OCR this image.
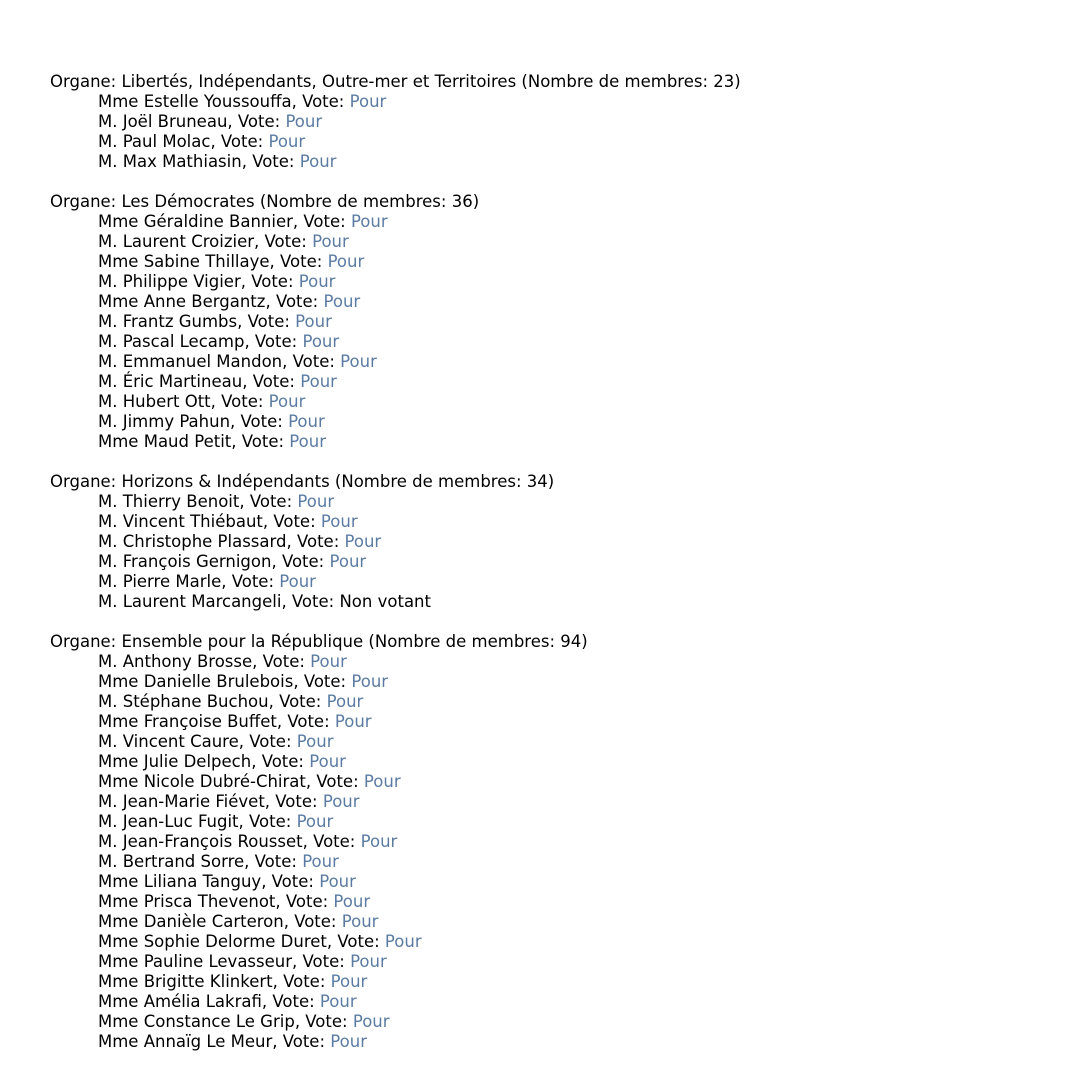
Organe: Libertés, Indépendants, Outre-mer et Territoires (Nombre de membres: 23)
Mme Estelle Youssouffa, Vote: Pour
M. Joël Bruneau, Vote: Pour
M. Paul Molac, Vote: Pour
M. Max Mathiasin, Vote: Pour
Organe: Les Démocrates (Nombre de membres: 36)
Mme Géraldine Bannier, Vote: Pour
M. Laurent Croizier, Vote: Pour
Mme Sabine Thillaye, Vote: Pour
M. Philippe Vigier, Vote: Pour
Mme Anne Bergantz, Vote: Pour
M. Frantz Gumbs, Vote: Pour
M. Pascal Lecamp, Vote: Pour
M. Emmanuel Mandon, Vote: Pour
M. Éric Martineau, Vote: Pour
M. Hubert Ott, Vote: Pour
M. Jimmy Pahun, Vote: Pour
Mme Maud Petit, Vote: Pour
Organe: Horizons & Indépendants (Nombre de membres: 34)
M. Thierry Benoit, Vote: Pour
M. Vincent Thiébaut, Vote: Pour
M. Christophe Plassard, Vote: Pour
M. François Gernigon, Vote: Pour
M. Pierre Marle, Vote: Pour
M. Laurent Marcangeli, Vote: Non votant
Organe: Ensemble pour la République (Nombre de membres: 94)
M. Anthony Brosse, Vote: Pour
Mme Danielle Brulebois, Vote: Pour
M. Stéphane Buchou, Vote: Pour
Mme Françoise Buffet, Vote: Pour
M. Vincent Caure, Vote: Pour
Mme Julie Delpech, Vote: Pour
Mme Nicole Dubré-Chirat, Vote: Pour
M. Jean-Marie Fiévet, Vote: Pour
M. Jean-Luc Fugit, Vote: Pour
M. Jean-François Rousset, Vote: Pour
M. Bertrand Sorre, Vote: Pour
Mme Liliana Tanguy, Vote: Pour
Mme Prisca Thevenot, Vote: Pour
Mme Danièle Carteron, Vote: Pour
Mme Sophie Delorme Duret, Vote: Pour
Mme Pauline Levasseur, Vote: Pour
Mme Brigitte Klinkert, Vote: Pour
Mme Amélia Lakrafi, Vote: Pour
Mme Constance Le Grip, Vote: Pour
Mme Annaïg Le Meur, Vote: Pour
